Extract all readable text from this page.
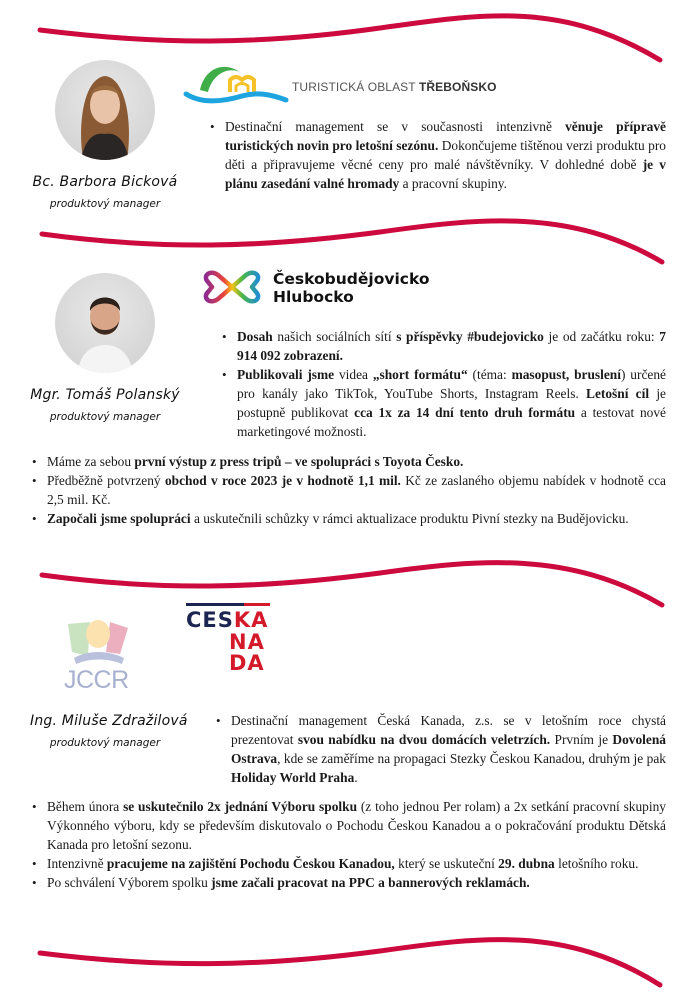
Bc. Barbora Bicková
produktový manager
TURISTICKÁ OBLAST TŘEBOŇSKO
• Destinační management se v současnosti intenzivně věnuje přípravě turistických novin pro letošní sezónu. Dokončujeme tištěnou verzi produktu pro děti a připravujeme věcné ceny pro malé návštěvníky. V dohledné době je v plánu zasedání valné hromady a pracovní skupiny.
Mgr. Tomáš Polanský
produktový manager
Českobudějovicko
Hlubocko
• Dosah našich sociálních sítí s příspěvky #budejovicko je od začátku roku: 7 914 092 zobrazení.
• Publikovali jsme videa „short formátu“ (téma: masopust, bruslení) určené pro kanály jako TikTok, YouTube Shorts, Instagram Reels. Letošní cíl je postupně publikovat cca 1x za 14 dní tento druh formátu a testovat nové marketingové možnosti.
• Máme za sebou první výstup z press tripů – ve spolupráci s Toyota Česko.
• Předběžně potvrzený obchod v roce 2023 je v hodnotě 1,1 mil. Kč ze zaslaného objemu nabídek v hodnotě cca 2,5 mil. Kč.
• Započali jsme spolupráci a uskutečnili schůzky v rámci aktualizace produktu Pivní stezky na Budějovicku.
JCCR
CESKA
NA
DA
Ing. Miluše Zdražilová
produktový manager
• Destinační management Česká Kanada, z.s. se v letošním roce chystá prezentovat svou nabídku na dvou domácích veletrzích. Prvním je Dovolená Ostrava, kde se zaměříme na propagaci Stezky Českou Kanadou, druhým je pak Holiday World Praha.
• Během února se uskutečnilo 2x jednání Výboru spolku (z toho jednou Per rolam) a 2x setkání pracovní skupiny Výkonného výboru, kdy se především diskutovalo o Pochodu Českou Kanadou a o pokračování produktu Dětská Kanada pro letošní sezonu.
• Intenzivně pracujeme na zajištění Pochodu Českou Kanadou, který se uskuteční 29. dubna letošního roku.
• Po schválení Výborem spolku jsme začali pracovat na PPC a bannerových reklamách.
